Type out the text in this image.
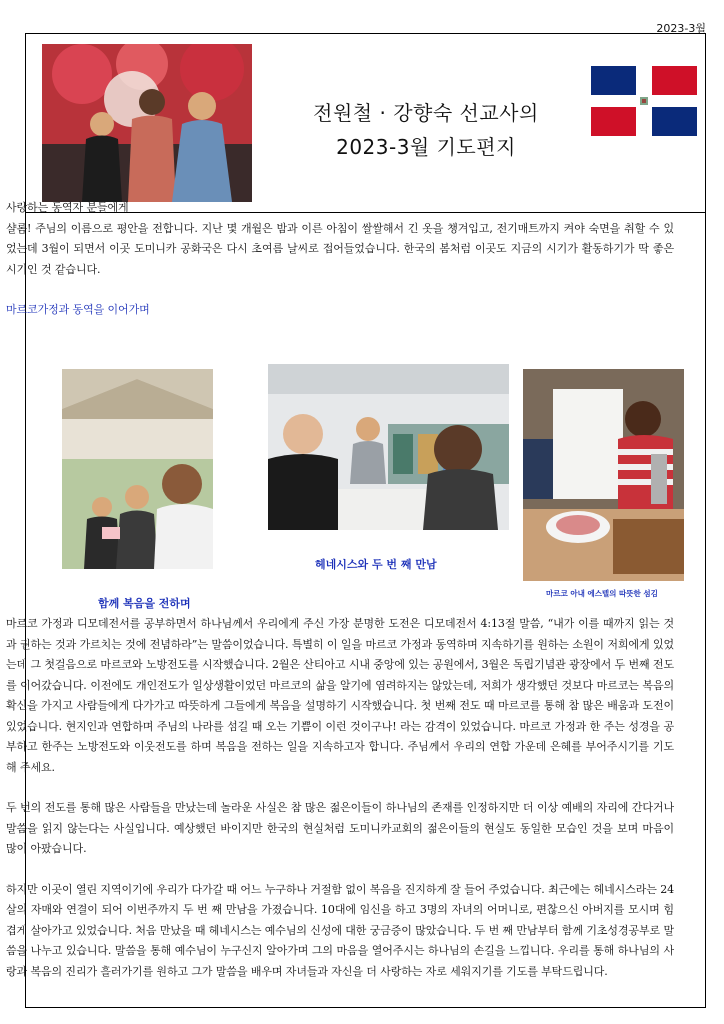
2023-3월
전원철 · 강향숙 선교사의
2023-3월 기도편지

사랑하는 동역자 분들에게

샬롬! 주님의 이름으로 평안을 전합니다. 지난 몇 개월은 밤과 이른 아침이 쌀쌀해서 긴 옷을 챙겨입고, 전기매트까지 켜야 숙면을 취할 수 있었는데 3월이 되면서 이곳 도미니카 공화국은 다시 초여름 날씨로 접어들었습니다. 한국의 봄처럼 이곳도 지금의 시기가 활동하기가 딱 좋은 시기인 것 같습니다.

마르코가정과 동역을 이어가며

함께 복음을 전하며
헤네시스와 두 번 째 만남
마르코 아내 에스텔의 따뜻한 섬김

마르코 가정과 디모데전서를 공부하면서 하나님께서 우리에게 주신 가장 분명한 도전은 디모데전서 4:13절 말씀, “내가 이를 때까지 읽는 것과 권하는 것과 가르치는 것에 전념하라”는 말씀이었습니다. 특별히 이 일을 마르코 가정과 동역하며 지속하기를 원하는 소원이 저희에게 있었는데 그 첫걸음으로 마르코와 노방전도를 시작했습니다. 2월은 산티아고 시내 중앙에 있는 공원에서, 3월은 독립기념관 광장에서 두 번째 전도를 이어갔습니다. 이전에도 개인전도가 일상생활이었던 마르코의 삶을 알기에 염려하지는 않았는데, 저희가 생각했던 것보다 마르코는 복음의 확신을 가지고 사람들에게 다가가고 따뜻하게 그들에게 복음을 설명하기 시작했습니다. 첫 번째 전도 때 마르코를 통해 참 많은 배움과 도전이 있었습니다. 현지인과 연합하며 주님의 나라를 섬길 때 오는 기쁨이 이런 것이구나! 라는 감격이 있었습니다. 마르코 가정과 한 주는 성경을 공부하고 한주는 노방전도와 이웃전도를 하며 복음을 전하는 일을 지속하고자 합니다. 주님께서 우리의 연합 가운데 은혜를 부어주시기를 기도해 주세요.

두 번의 전도를 통해 많은 사람들을 만났는데 놀라운 사실은 참 많은 젊은이들이 하나님의 존재를 인정하지만 더 이상 예배의 자리에 간다거나 말씀을 읽지 않는다는 사실입니다. 예상했던 바이지만 한국의 현실처럼 도미니카교회의 젊은이들의 현실도 동일한 모습인 것을 보며 마음이 많이 아팠습니다.

하지만 이곳이 열린 지역이기에 우리가 다가갈 때 어느 누구하나 거절함 없이 복음을 진지하게 잘 들어 주었습니다. 최근에는 헤네시스라는 24살의 자매와 연결이 되어 이번주까지 두 번 째 만남을 가졌습니다. 10대에 임신을 하고 3명의 자녀의 어머니로, 편찮으신 아버지를 모시며 힘겹게 살아가고 있었습니다. 처음 만났을 때 헤네시스는 예수님의 신성에 대한 궁금증이 많았습니다. 두 번 째 만남부터 함께 기초성경공부로 말씀을 나누고 있습니다. 말씀을 통해 예수님이 누구신지 알아가며 그의 마음을 열어주시는 하나님의 손길을 느낍니다. 우리를 통해 하나님의 사랑과 복음의 진리가 흘러가기를 원하고 그가 말씀을 배우며 자녀들과 자신을 더 사랑하는 자로 세워지기를 기도를 부탁드립니다.
